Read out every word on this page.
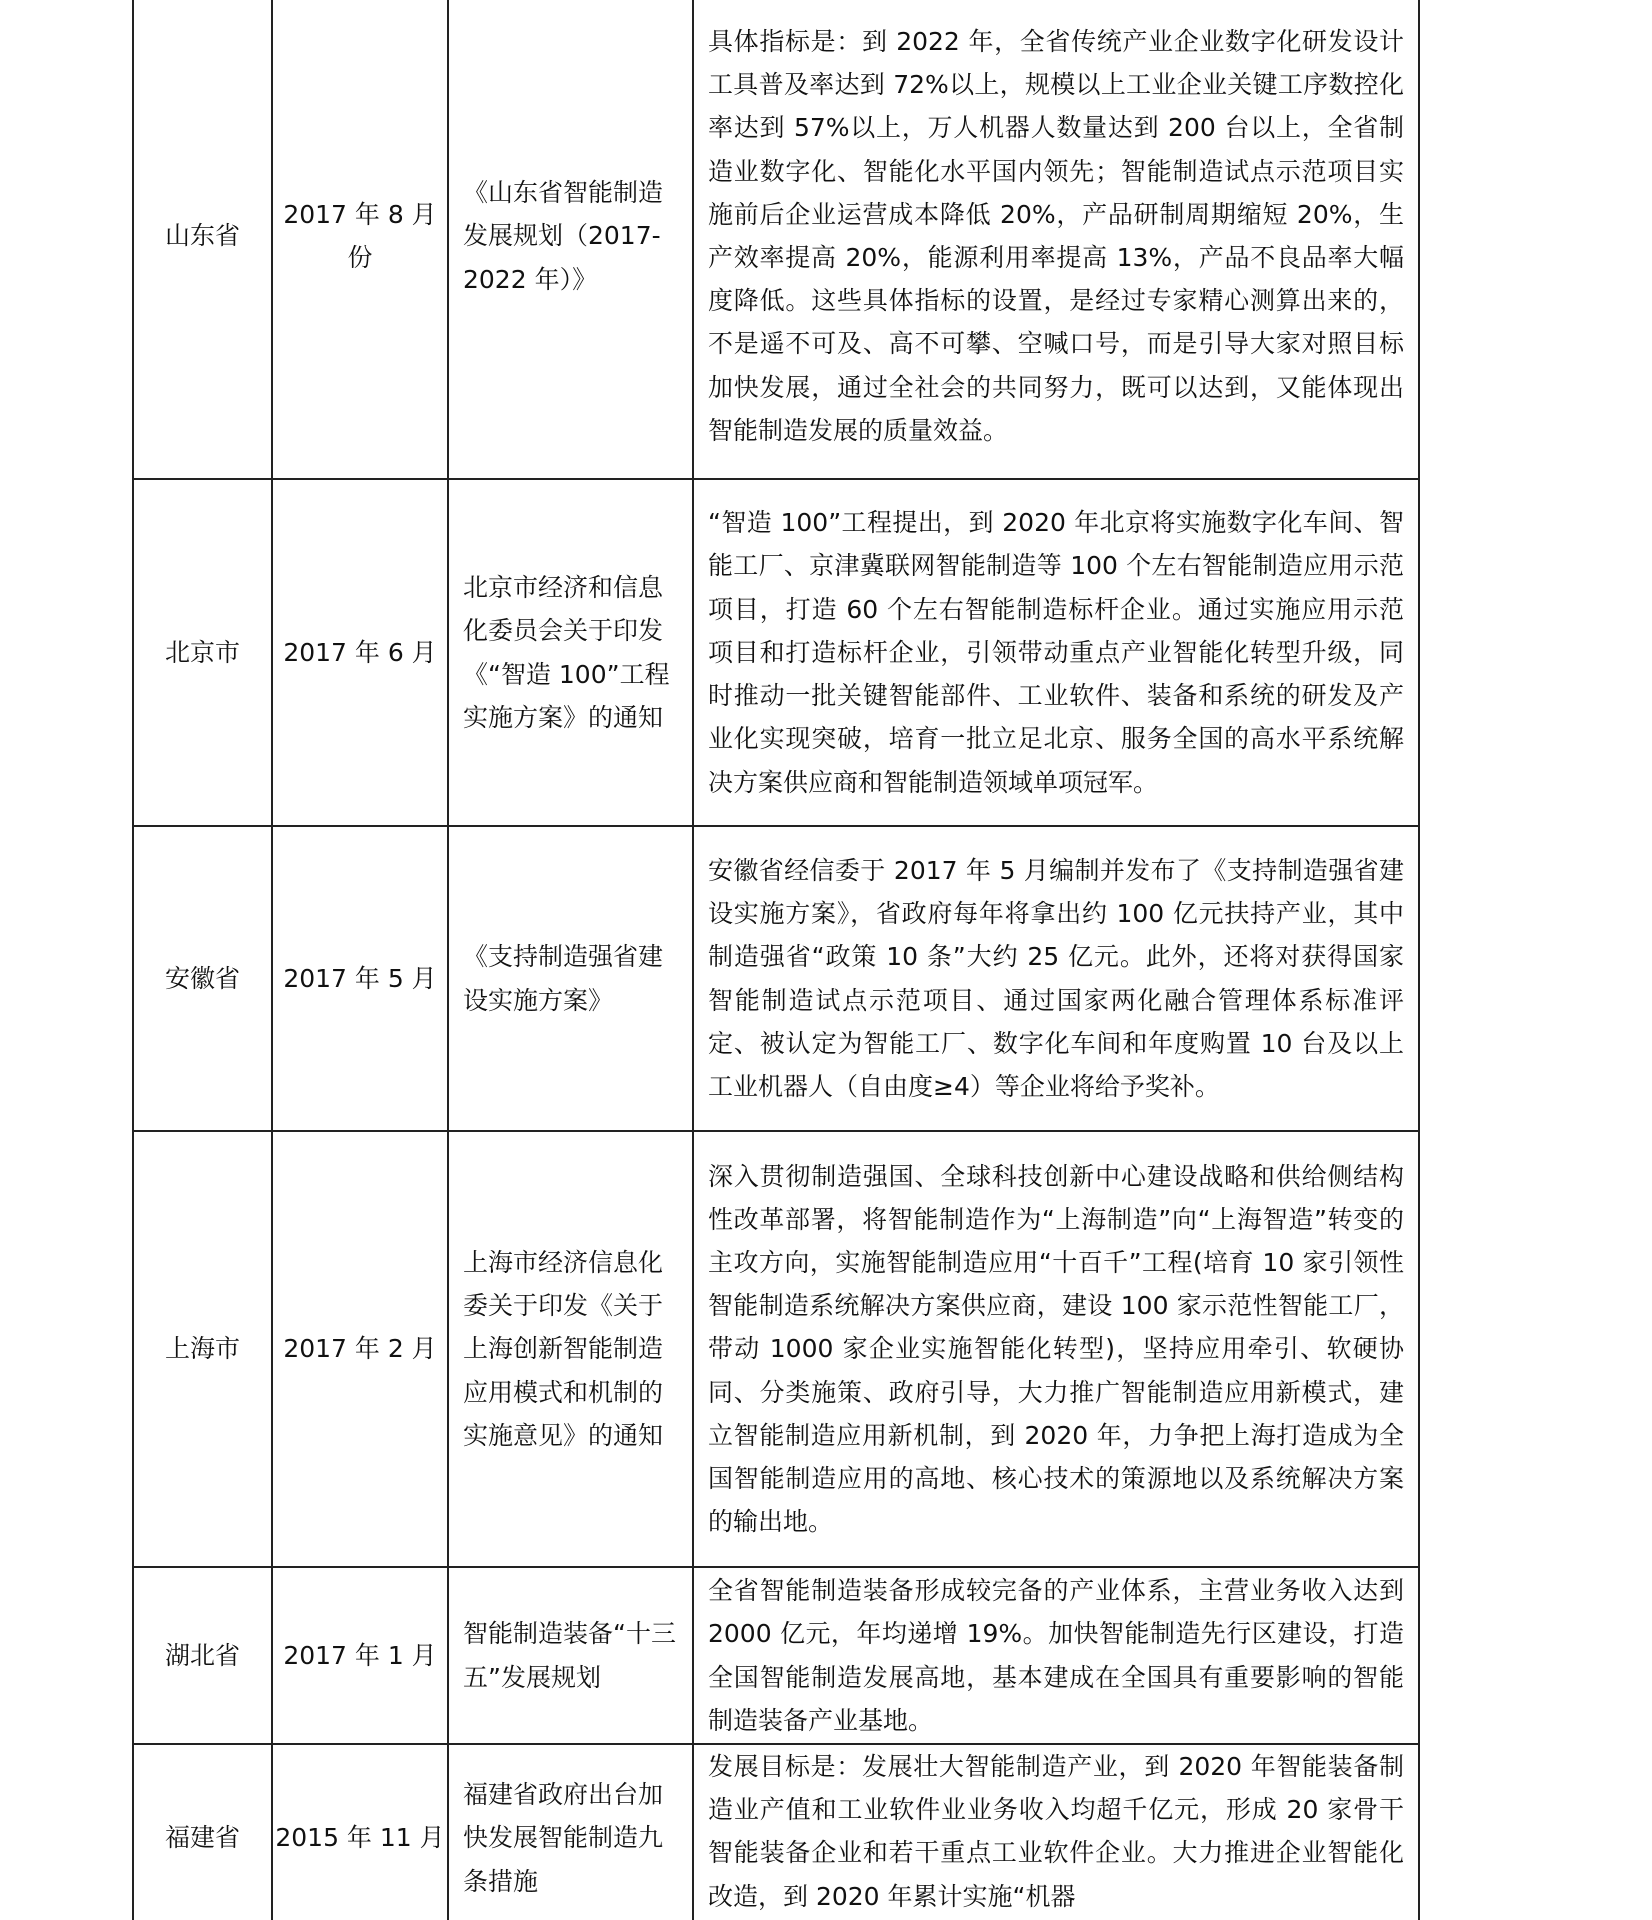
山东省	2017 年 8 月份	《山东省智能制造发展规划（2017-2022 年）》	具体指标是：到 2022 年，全省传统产业企业数字化研发设计工具普及率达到 72%以上，规模以上工业企业关键工序数控化率达到 57%以上，万人机器人数量达到 200 台以上，全省制造业数字化、智能化水平国内领先；智能制造试点示范项目实施前后企业运营成本降低 20%，产品研制周期缩短 20%，生产效率提高 20%，能源利用率提高 13%，产品不良品率大幅度降低。这些具体指标的设置，是经过专家精心测算出来的，不是遥不可及、高不可攀、空喊口号，而是引导大家对照目标加快发展，通过全社会的共同努力，既可以达到，又能体现出智能制造发展的质量效益。
北京市	2017 年 6 月	北京市经济和信息化委员会关于印发《“智造 100”工程实施方案》的通知	“智造 100”工程提出，到 2020 年北京将实施数字化车间、智能工厂、京津冀联网智能制造等 100 个左右智能制造应用示范项目，打造 60 个左右智能制造标杆企业。通过实施应用示范项目和打造标杆企业，引领带动重点产业智能化转型升级，同时推动一批关键智能部件、工业软件、装备和系统的研发及产业化实现突破，培育一批立足北京、服务全国的高水平系统解决方案供应商和智能制造领域单项冠军。
安徽省	2017 年 5 月	《支持制造强省建设实施方案》	安徽省经信委于 2017 年 5 月编制并发布了《支持制造强省建设实施方案》，省政府每年将拿出约 100 亿元扶持产业，其中制造强省“政策 10 条”大约 25 亿元。此外，还将对获得国家智能制造试点示范项目、通过国家两化融合管理体系标准评定、被认定为智能工厂、数字化车间和年度购置 10 台及以上工业机器人（自由度≥4）等企业将给予奖补。
上海市	2017 年 2 月	上海市经济信息化委关于印发《关于上海创新智能制造应用模式和机制的实施意见》的通知	深入贯彻制造强国、全球科技创新中心建设战略和供给侧结构性改革部署，将智能制造作为“上海制造”向“上海智造”转变的主攻方向，实施智能制造应用“十百千”工程(培育 10 家引领性智能制造系统解决方案供应商，建设 100 家示范性智能工厂，带动 1000 家企业实施智能化转型)，坚持应用牵引、软硬协同、分类施策、政府引导，大力推广智能制造应用新模式，建立智能制造应用新机制，到 2020 年，力争把上海打造成为全国智能制造应用的高地、核心技术的策源地以及系统解决方案的输出地。
湖北省	2017 年 1 月	智能制造装备“十三五”发展规划	全省智能制造装备形成较完备的产业体系，主营业务收入达到 2000 亿元，年均递增 19%。加快智能制造先行区建设，打造全国智能制造发展高地，基本建成在全国具有重要影响的智能制造装备产业基地。
福建省	2015 年 11 月	福建省政府出台加快发展智能制造九条措施	发展目标是：发展壮大智能制造产业，到 2020 年智能装备制造业产值和工业软件业业务收入均超千亿元，形成 20 家骨干智能装备企业和若干重点工业软件企业。大力推进企业智能化改造，到 2020 年累计实施“机器
